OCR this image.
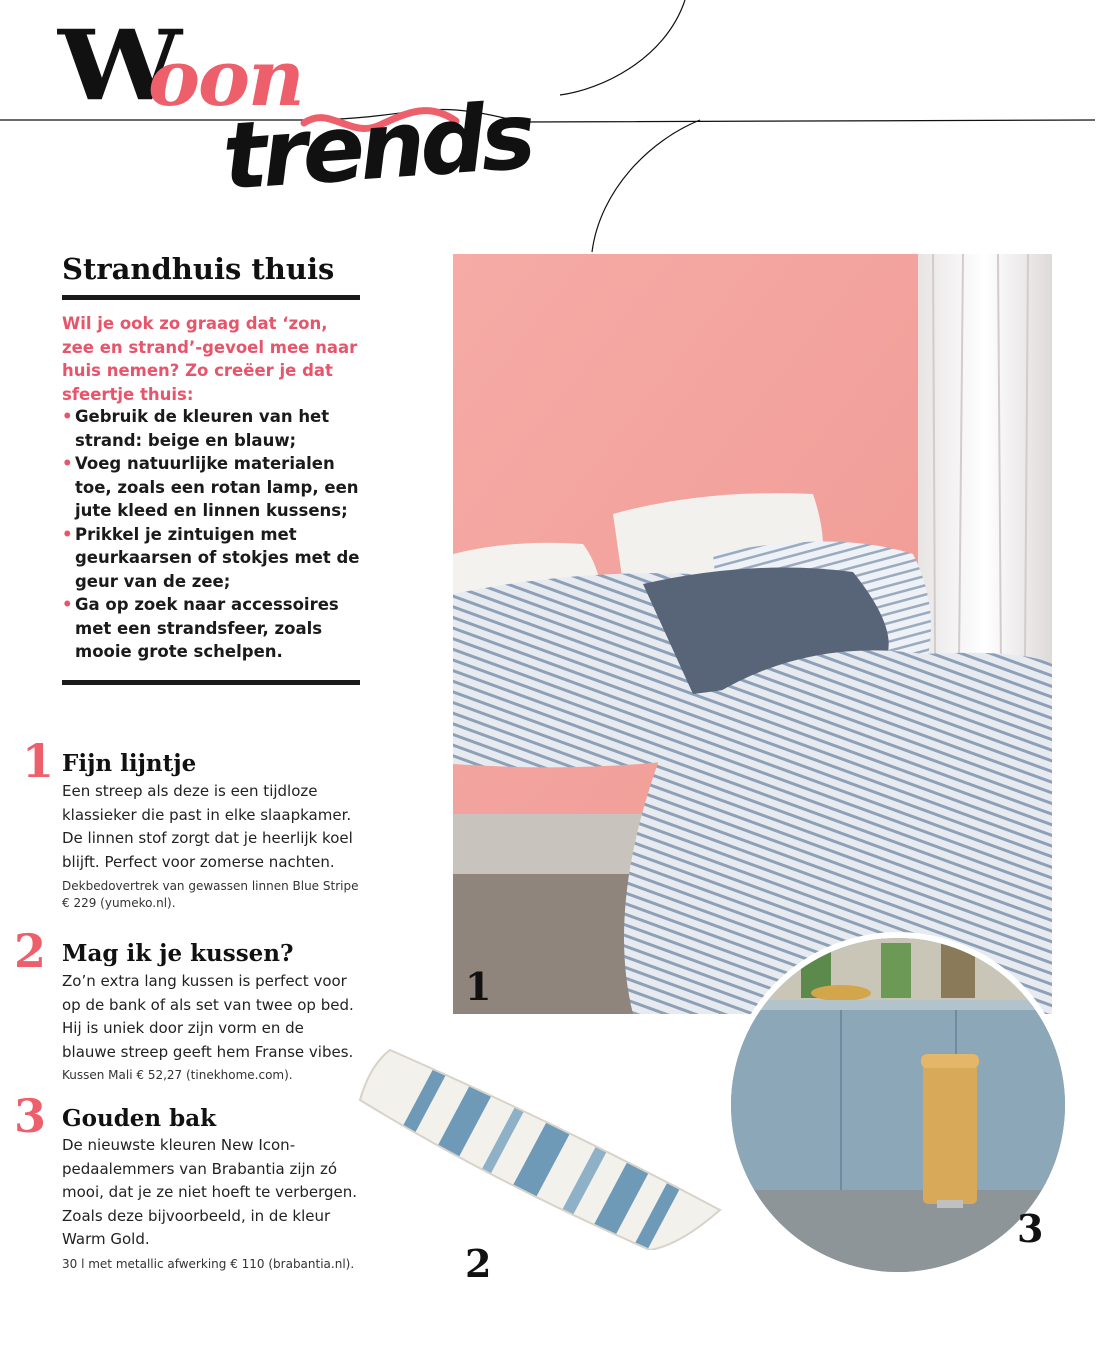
W
oon
trends
Strandhuis thuis

Wil je ook zo graag dat ‘zon, zee en strand’-gevoel mee naar huis nemen? Zo creëer je dat sfeertje thuis:

• Gebruik de kleuren van het strand: beige en blauw;
• Voeg natuurlijke materialen toe, zoals een rotan lamp, een jute kleed en linnen kussens;
• Prikkel je zintuigen met geurkaarsen of stokjes met de geur van de zee;
• Ga op zoek naar accessoires met een strandsfeer, zoals mooie grote schelpen.
1 Fijn lijntje

Een streep als deze is een tijdloze klassieker die past in elke slaapkamer. De linnen stof zorgt dat je heerlijk koel blijft. Perfect voor zomerse nachten.

Dekbedovertrek van gewassen linnen Blue Stripe € 229 (yumeko.nl).

2 Mag ik je kussen?

Zo’n extra lang kussen is perfect voor op de bank of als set van twee op bed. Hij is uniek door zijn vorm en de blauwe streep geeft hem Franse vibes.

Kussen Mali € 52,27 (tinekhome.com).

3 Gouden bak

De nieuwste kleuren New Icon-pedaalemmers van Brabantia zijn zó mooi, dat je ze niet hoeft te verbergen. Zoals deze bijvoorbeeld, in de kleur Warm Gold.

30 l met metallic afwerking € 110 (brabantia.nl).

1
2
3
